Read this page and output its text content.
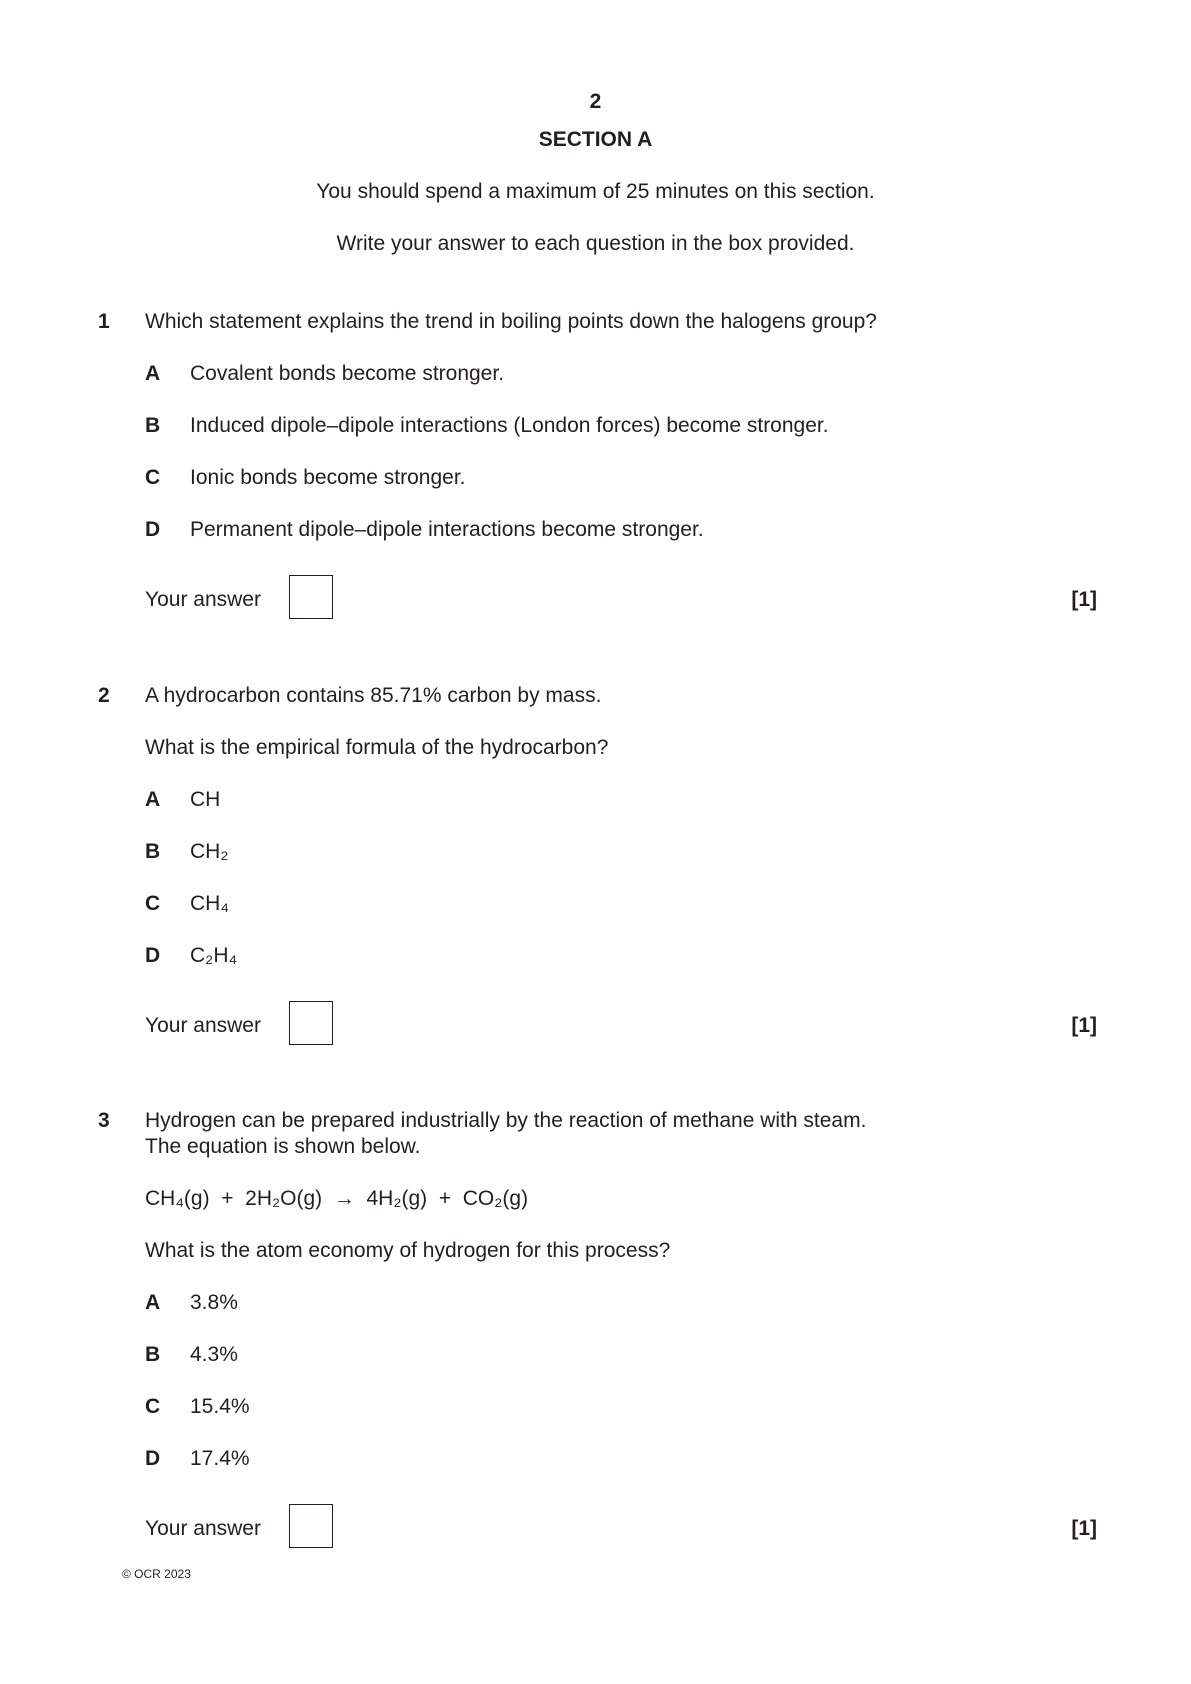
2
SECTION A
You should spend a maximum of 25 minutes on this section.
Write your answer to each question in the box provided.
1 Which statement explains the trend in boiling points down the halogens group?
A Covalent bonds become stronger.
B Induced dipole–dipole interactions (London forces) become stronger.
C Ionic bonds become stronger.
D Permanent dipole–dipole interactions become stronger.
Your answer	[1]
2 A hydrocarbon contains 85.71% carbon by mass.
What is the empirical formula of the hydrocarbon?
A CH
B CH₂
C CH₄
D C₂H₄
Your answer	[1]
3 Hydrogen can be prepared industrially by the reaction of methane with steam.
The equation is shown below.
CH₄(g)  +  2H₂O(g)  →  4H₂(g)  +  CO₂(g)
What is the atom economy of hydrogen for this process?
A 3.8%
B 4.3%
C 15.4%
D 17.4%
Your answer	[1]
© OCR 2023
